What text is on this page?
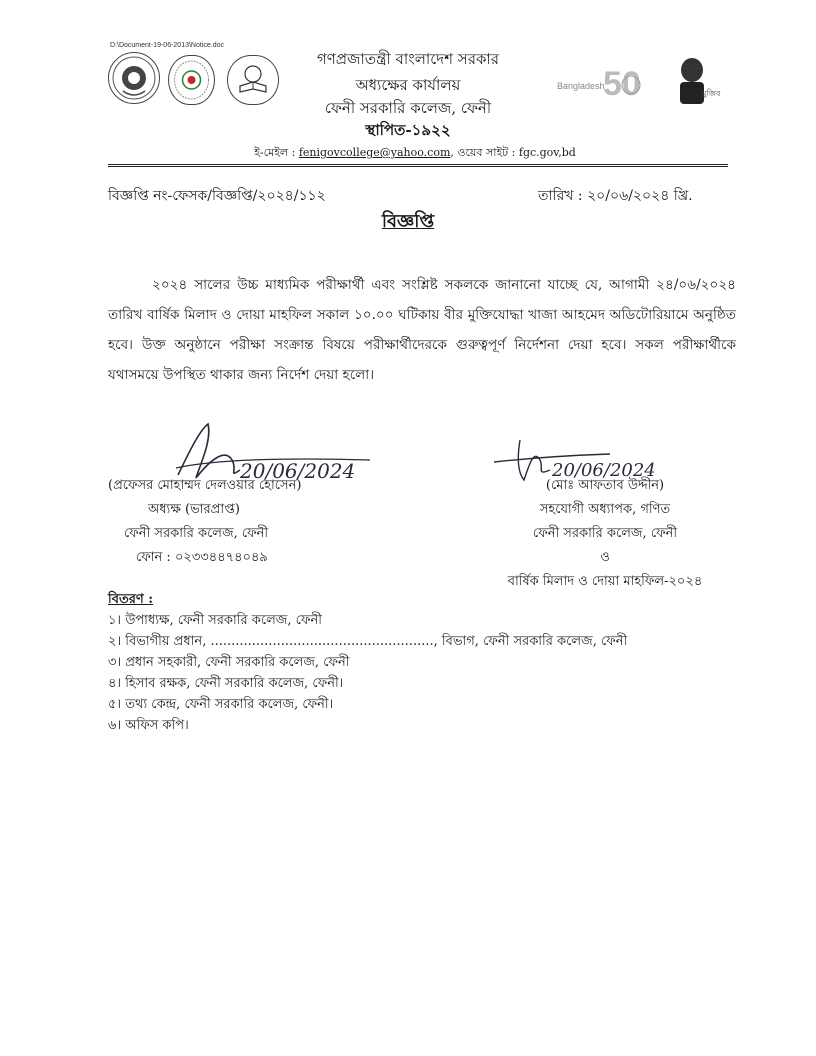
D:\Document-19-06-2013\Notice.doc
গণপ্রজাতন্ত্রী বাংলাদেশ সরকার
অধ্যক্ষের কার্যালয়
ফেনী সরকারি কলেজ, ফেনী
স্থাপিত-১৯২২
ই-মেইল : fenigovcollege@yahoo.com, ওয়েব সাইট : fgc.gov,bd
Bangladesh
50	মুজিব
বিজ্ঞপ্তি নং-ফেসক/বিজ্ঞপ্তি/২০২৪/১১২	তারিখ : ২০/০৬/২০২৪ খ্রি.
বিজ্ঞপ্তি
২০২৪ সালের উচ্চ মাধ্যমিক পরীক্ষার্থী এবং সংশ্লিষ্ট সকলকে জানানো যাচ্ছে যে, আগামী ২৪/০৬/২০২৪ তারিখ বার্ষিক মিলাদ ও দোয়া মাহফিল সকাল ১০.০০ ঘটিকায় বীর মুক্তিযোদ্ধা খাজা আহমেদ অডিটোরিয়ামে অনুষ্ঠিত হবে। উক্ত অনুষ্ঠানে পরীক্ষা সংক্রান্ত বিষয়ে পরীক্ষার্থীদেরকে গুরুত্বপূর্ণ নির্দেশনা দেয়া হবে। সকল পরীক্ষার্থীকে যথাসময়ে উপস্থিত থাকার জন্য নির্দেশ দেয়া হলো।
20/06/2024	20/06/2024
(প্রফেসর মোহাম্মদ দেলওয়ার হোসেন)
অধ্যক্ষ (ভারপ্রাপ্ত)
ফেনী সরকারি কলেজ, ফেনী
ফোন : ০২৩৩৪৪৭৪০৪৯
(মোঃ আফতাব উদ্দীন)
সহযোগী অধ্যাপক, গণিত
ফেনী সরকারি কলেজ, ফেনী
ও
বার্ষিক মিলাদ ও দোয়া মাহফিল-২০২৪
বিতরণ :
১। উপাধ্যক্ষ, ফেনী সরকারি কলেজ, ফেনী
২। বিভাগীয় প্রধান, ......................................................, বিভাগ, ফেনী সরকারি কলেজ, ফেনী
৩। প্রধান সহকারী, ফেনী সরকারি কলেজ, ফেনী
৪। হিসাব রক্ষক, ফেনী সরকারি কলেজ, ফেনী।
৫। তথ্য কেন্দ্র, ফেনী সরকারি কলেজ, ফেনী।
৬। অফিস কপি।
